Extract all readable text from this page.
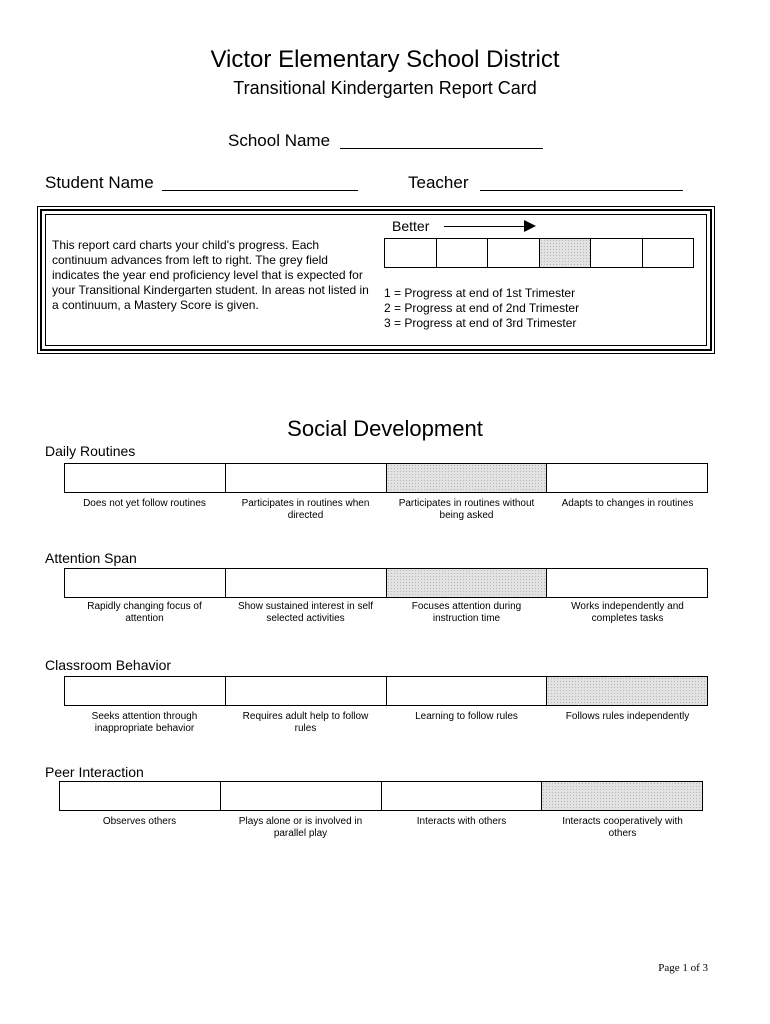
Victor Elementary School District
Transitional Kindergarten Report Card
School Name
Student Name	Teacher
This report card charts your child's progress. Each continuum advances from left to right. The grey field indicates the year end proficiency level that is expected for your Transitional Kindergarten student. In areas not listed in a continuum, a Mastery Score is given.
Better
1 = Progress at end of 1st Trimester
2 = Progress at end of 2nd Trimester
3 = Progress at end of 3rd Trimester
Social Development
Daily Routines
Does not yet follow routines	Participates in routines when directed
Participates in routines without being asked
Adapts to changes in routines
Attention Span
Rapidly changing focus of attention
Show sustained interest in self selected activities
Focuses attention during instruction time
Works independently and completes tasks
Classroom Behavior
Seeks attention through inappropriate behavior
Requires adult help to follow rules
Learning to follow rules	Follows rules independently
Peer Interaction
Observes others	Plays alone or is involved in parallel play
Interacts with others	Interacts cooperatively with others
Page 1 of 3
